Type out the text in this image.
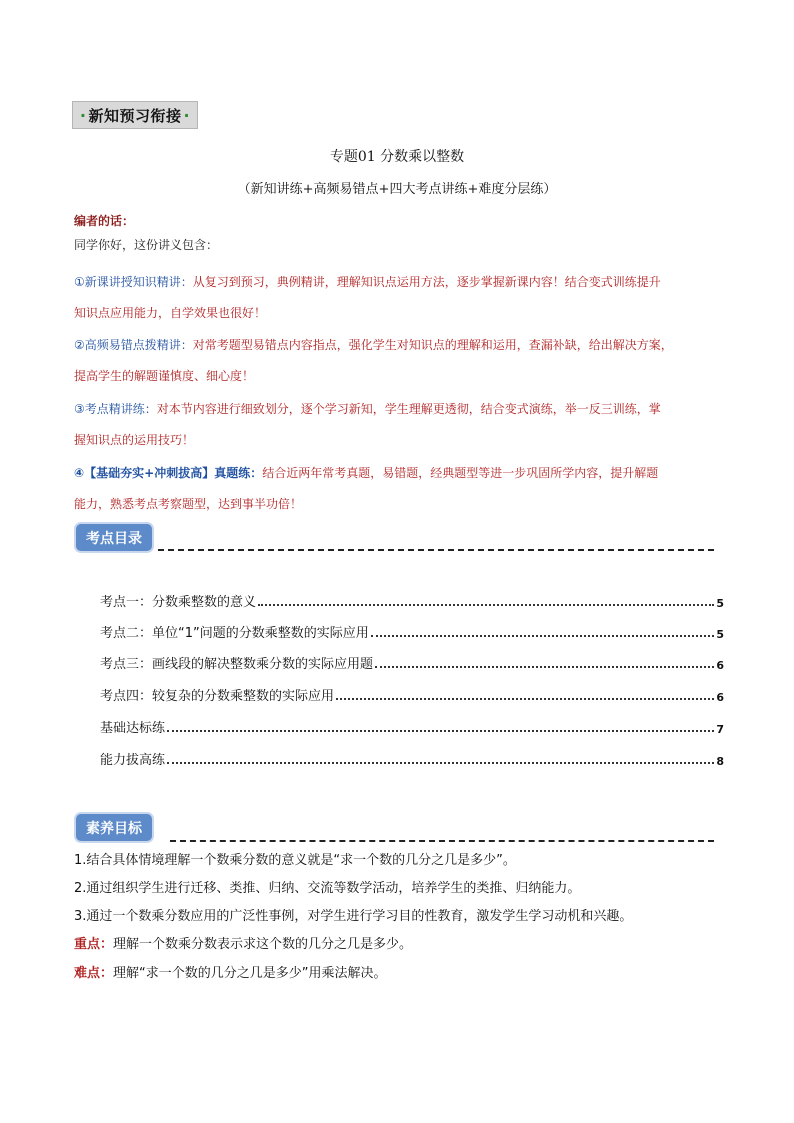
· 新知预习衔接 ·
专题01 分数乘以整数
（新知讲练+高频易错点+四大考点讲练+难度分层练）
编者的话：
同学你好，这份讲义包含：
①新课讲授知识精讲：从复习到预习，典例精讲，理解知识点运用方法，逐步掌握新课内容！结合变式训练提升
知识点应用能力，自学效果也很好！
②高频易错点拨精讲：对常考题型易错点内容指点，强化学生对知识点的理解和运用，查漏补缺，给出解决方案，
提高学生的解题谨慎度、细心度！
③考点精讲练：对本节内容进行细致划分，逐个学习新知，学生理解更透彻，结合变式演练，举一反三训练，掌
握知识点的运用技巧！
④【基础夯实+冲刺拔高】真题练：结合近两年常考真题，易错题，经典题型等进一步巩固所学内容，提升解题
能力，熟悉考点考察题型，达到事半功倍！
考点目录
考点一：分数乘整数的意义	5
考点二：单位“1”问题的分数乘整数的实际应用	5
考点三：画线段的解决整数乘分数的实际应用题	6
考点四：较复杂的分数乘整数的实际应用	6
基础达标练	7
能力拔高练	8
素养目标
1.结合具体情境理解一个数乘分数的意义就是“求一个数的几分之几是多少”。
2.通过组织学生进行迁移、类推、归纳、交流等数学活动，培养学生的类推、归纳能力。
3.通过一个数乘分数应用的广泛性事例，对学生进行学习目的性教育，激发学生学习动机和兴趣。
重点：理解一个数乘分数表示求这个数的几分之几是多少。
难点：理解“求一个数的几分之几是多少”用乘法解决。
